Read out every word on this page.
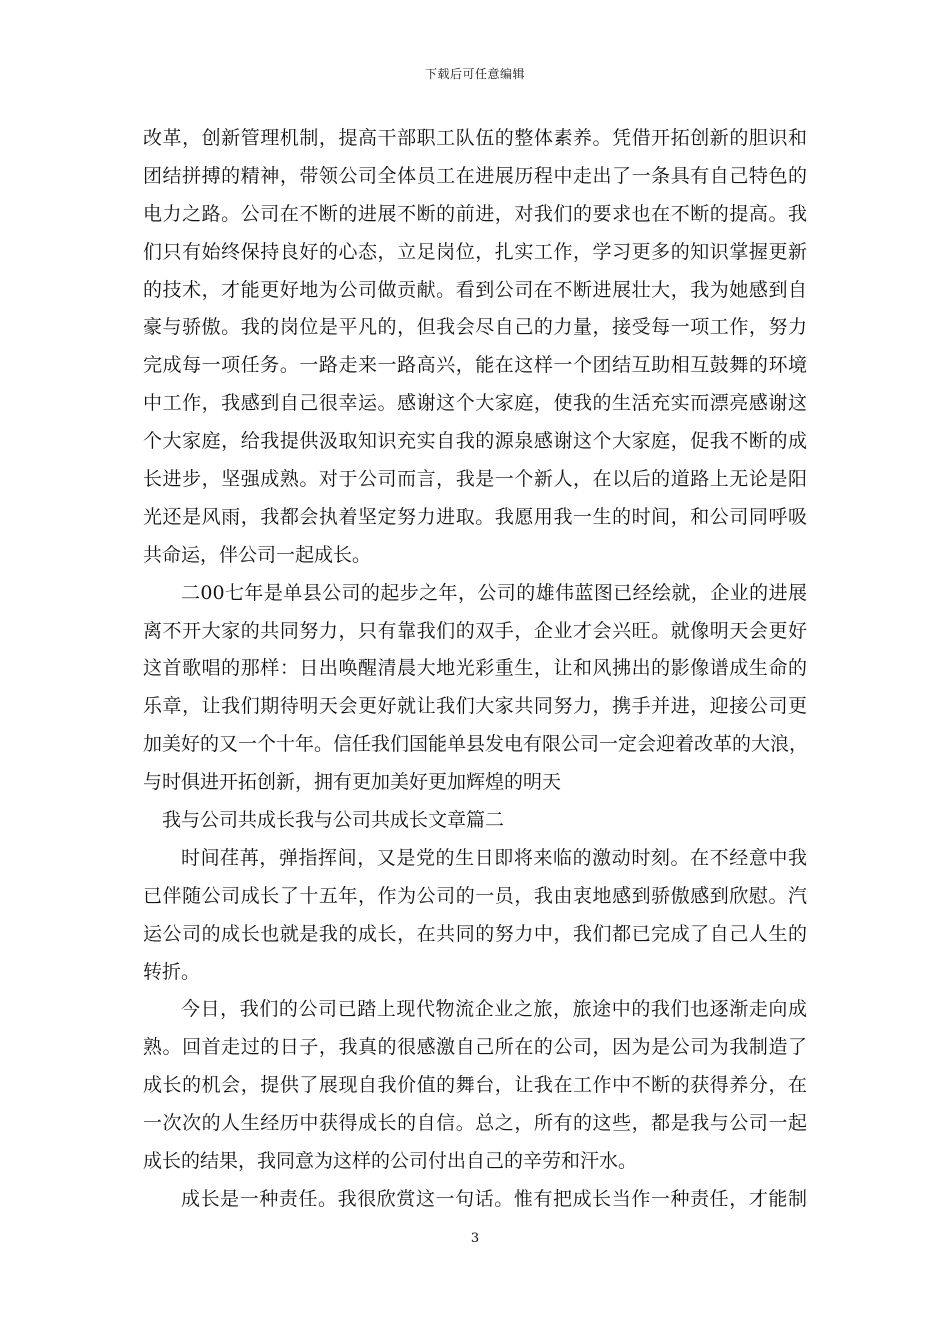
下载后可任意编辑
改革，创新管理机制，提高干部职工队伍的整体素养。凭借开拓创新的胆识和
团结拼搏的精神，带领公司全体员工在进展历程中走出了一条具有自己特色的
电力之路。公司在不断的进展不断的前进，对我们的要求也在不断的提高。我
们只有始终保持良好的心态，立足岗位，扎实工作，学习更多的知识掌握更新
的技术，才能更好地为公司做贡献。看到公司在不断进展壮大，我为她感到自
豪与骄傲。我的岗位是平凡的，但我会尽自己的力量，接受每一项工作，努力
完成每一项任务。一路走来一路高兴，能在这样一个团结互助相互鼓舞的环境
中工作，我感到自己很幸运。感谢这个大家庭，使我的生活充实而漂亮感谢这
个大家庭，给我提供汲取知识充实自我的源泉感谢这个大家庭，促我不断的成
长进步，坚强成熟。对于公司而言，我是一个新人，在以后的道路上无论是阳
光还是风雨，我都会执着坚定努力进取。我愿用我一生的时间，和公司同呼吸
共命运，伴公司一起成长。
二00七年是单县公司的起步之年，公司的雄伟蓝图已经绘就，企业的进展
离不开大家的共同努力，只有靠我们的双手，企业才会兴旺。就像明天会更好
这首歌唱的那样：日出唤醒清晨大地光彩重生，让和风拂出的影像谱成生命的
乐章，让我们期待明天会更好就让我们大家共同努力，携手并进，迎接公司更
加美好的又一个十年。信任我们国能单县发电有限公司一定会迎着改革的大浪，
与时俱进开拓创新，拥有更加美好更加辉煌的明天
我与公司共成长我与公司共成长文章篇二
时间荏苒，弹指挥间，又是党的生日即将来临的激动时刻。在不经意中我
已伴随公司成长了十五年，作为公司的一员，我由衷地感到骄傲感到欣慰。汽
运公司的成长也就是我的成长，在共同的努力中，我们都已完成了自己人生的
转折。
今日，我们的公司已踏上现代物流企业之旅，旅途中的我们也逐渐走向成
熟。回首走过的日子，我真的很感激自己所在的公司，因为是公司为我制造了
成长的机会，提供了展现自我价值的舞台，让我在工作中不断的获得养分，在
一次次的人生经历中获得成长的自信。总之，所有的这些，都是我与公司一起
成长的结果，我同意为这样的公司付出自己的辛劳和汗水。
成长是一种责任。我很欣赏这一句话。惟有把成长当作一种责任，才能制
3
